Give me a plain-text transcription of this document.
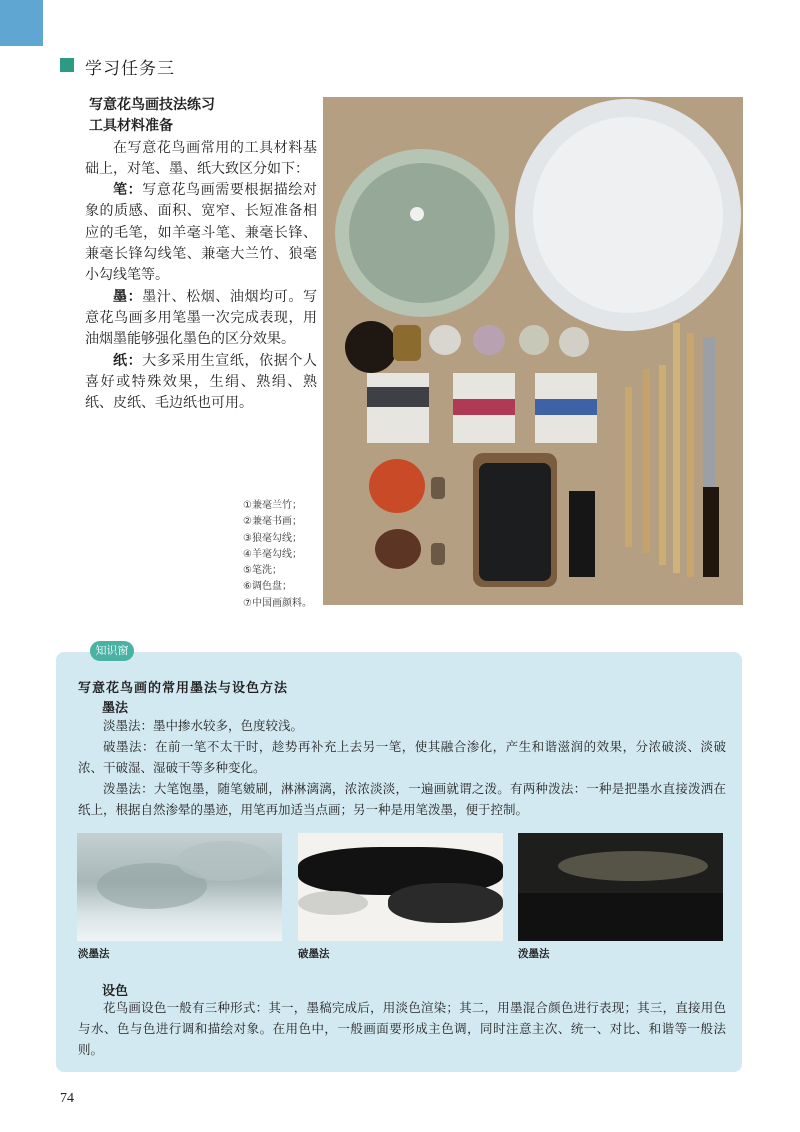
学习任务三

写意花鸟画技法练习

工具材料准备

在写意花鸟画常用的工具材料基础上，对笔、墨、纸大致区分如下：

笔：写意花鸟画需要根据描绘对象的质感、面积、宽窄、长短准备相应的毛笔，如羊毫斗笔、兼毫长锋、兼毫长锋勾线笔、兼毫大兰竹、狼毫小勾线笔等。

墨：墨汁、松烟、油烟均可。写意花鸟画多用笔墨一次完成表现，用油烟墨能够强化墨色的区分效果。

纸：大多采用生宣纸，依据个人喜好或特殊效果，生绢、熟绢、熟纸、皮纸、毛边纸也可用。

①兼毫兰竹；
②兼毫书画；
③狼毫勾线；
④羊毫勾线；
⑤笔洗；
⑥调色盘；
⑦中国画颜料。
知识窗
写意花鸟画的常用墨法与设色方法
墨法

淡墨法：墨中掺水较多，色度较浅。

破墨法：在前一笔不太干时，趁势再补充上去另一笔，使其融合渗化，产生和谐滋润的效果，分浓破淡、淡破浓、干破湿、湿破干等多种变化。

泼墨法：大笔饱墨，随笔皴刷，淋淋漓漓，浓浓淡淡，一遍画就谓之泼。有两种泼法：一种是把墨水直接泼洒在纸上，根据自然渗晕的墨迹，用笔再加适当点画；另一种是用笔泼墨，便于控制。

淡墨法	破墨法	泼墨法
设色

花鸟画设色一般有三种形式：其一，墨稿完成后，用淡色渲染；其二，用墨混合颜色进行表现；其三，直接用色与水、色与色进行调和描绘对象。在用色中，一般画面要形成主色调，同时注意主次、统一、对比、和谐等一般法则。

74
